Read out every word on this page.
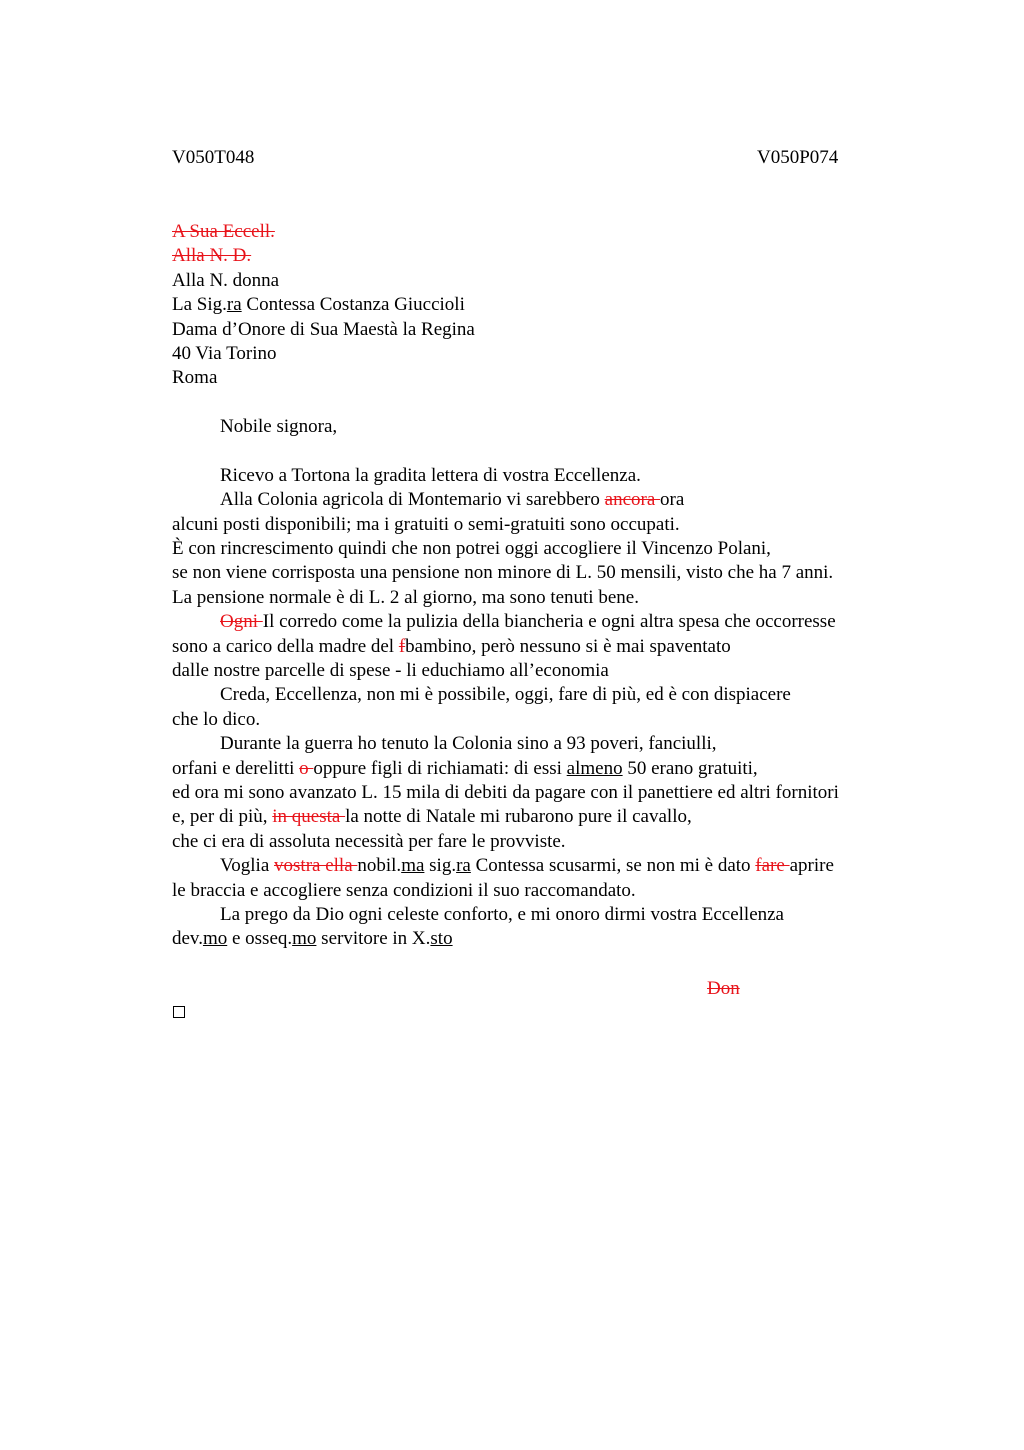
V050T048	V050P074
A Sua Eccell.
Alla N. D.
Alla N. donna
La Sig.ra Contessa Costanza Giuccioli
Dama d’Onore di Sua Maestà la Regina
40 Via Torino
Roma
Nobile signora,
Ricevo a Tortona la gradita lettera di vostra Eccellenza.
Alla Colonia agricola di Montemario vi sarebbero ancora ora
alcuni posti disponibili; ma i gratuiti o semi-gratuiti sono occupati.
È con rincrescimento quindi che non potrei oggi accogliere il Vincenzo Polani,
se non viene corrisposta una pensione non minore di L. 50 mensili, visto che ha 7 anni.
La pensione normale è di L. 2 al giorno, ma sono tenuti bene.
Ogni Il corredo come la pulizia della biancheria e ogni altra spesa che occorresse
sono a carico della madre del fbambino, però nessuno si è mai spaventato
dalle nostre parcelle di spese - li educhiamo all’economia
Creda, Eccellenza, non mi è possibile, oggi, fare di più, ed è con dispiacere
che lo dico.
Durante la guerra ho tenuto la Colonia sino a 93 poveri, fanciulli,
orfani e derelitti o oppure figli di richiamati: di essi almeno 50 erano gratuiti,
ed ora mi sono avanzato L. 15 mila di debiti da pagare con il panettiere ed altri fornitori
e, per di più, in questa la notte di Natale mi rubarono pure il cavallo,
che ci era di assoluta necessità per fare le provviste.
Voglia vostra ella nobil.ma sig.ra Contessa scusarmi, se non mi è dato fare aprire
le braccia e accogliere senza condizioni il suo raccomandato.
La prego da Dio ogni celeste conforto, e mi onoro dirmi vostra Eccellenza
dev.mo e osseq.mo servitore in X.sto
Don
